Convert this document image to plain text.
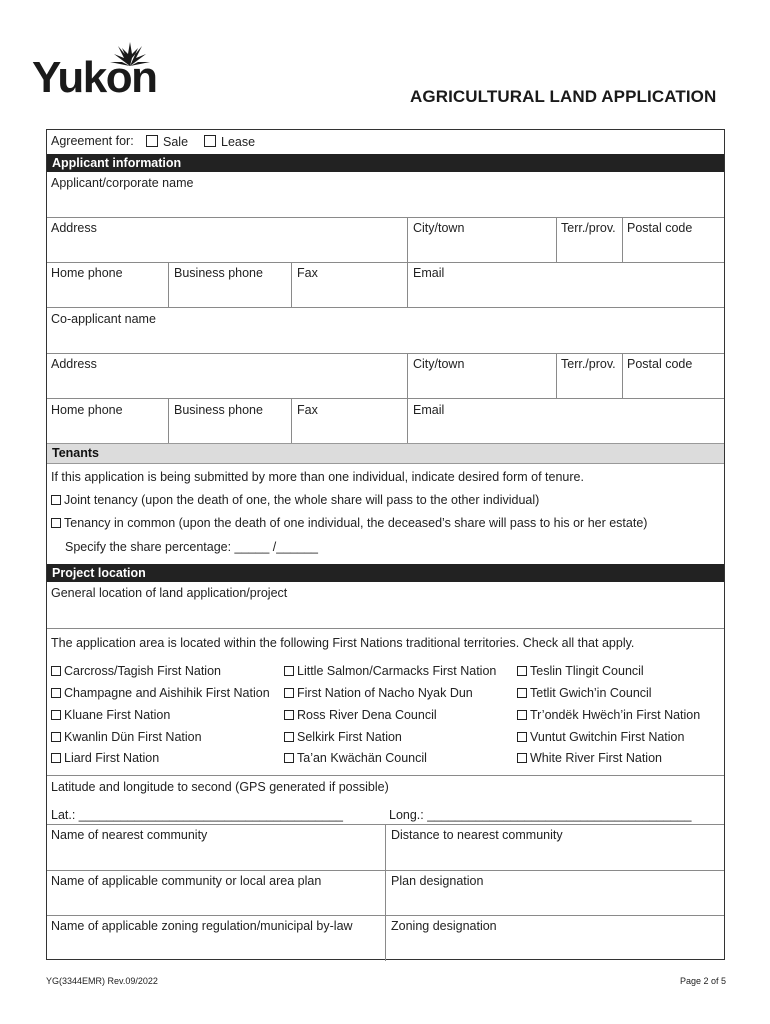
Yukon	AGRICULTURAL LAND APPLICATION
Agreement for:	Sale	Lease
Applicant information
Applicant/corporate name
Address	City/town	Terr./prov. Postal code
Home phone	Business phone	Fax	Email
Co-applicant name
Address	City/town	Terr./prov. Postal code
Home phone	Business phone	Fax	Email
Tenants
If this application is being submitted by more than one individual, indicate desired form of tenure.
Joint tenancy (upon the death of one, the whole share will pass to the other individual)
Tenancy in common (upon the death of one individual, the deceased’s share will pass to his or her estate)
Specify the share percentage: _____ /______
Project location
General location of land application/project
The application area is located within the following First Nations traditional territories. Check all that apply.
Carcross/Tagish First Nation	Little Salmon/Carmacks First Nation	Teslin Tlingit Council
Champagne and Aishihik First Nation	First Nation of Nacho Nyak Dun	Tetlit Gwich’in Council
Kluane First Nation	Ross River Dena Council	Tr’ondëk Hwëch’in First Nation
Kwanlin Dün First Nation	Selkirk First Nation	Vuntut Gwitchin First Nation
Liard First Nation	Ta’an Kwächän Council	White River First Nation
Latitude and longitude to second (GPS generated if possible)
Lat.: ______________________________________	Long.: ______________________________________
Name of nearest community	Distance to nearest community
Name of applicable community or local area plan	Plan designation
Name of applicable zoning regulation/municipal by-law	Zoning designation
YG(3344EMR) Rev.09/2022	Page 2 of 5
